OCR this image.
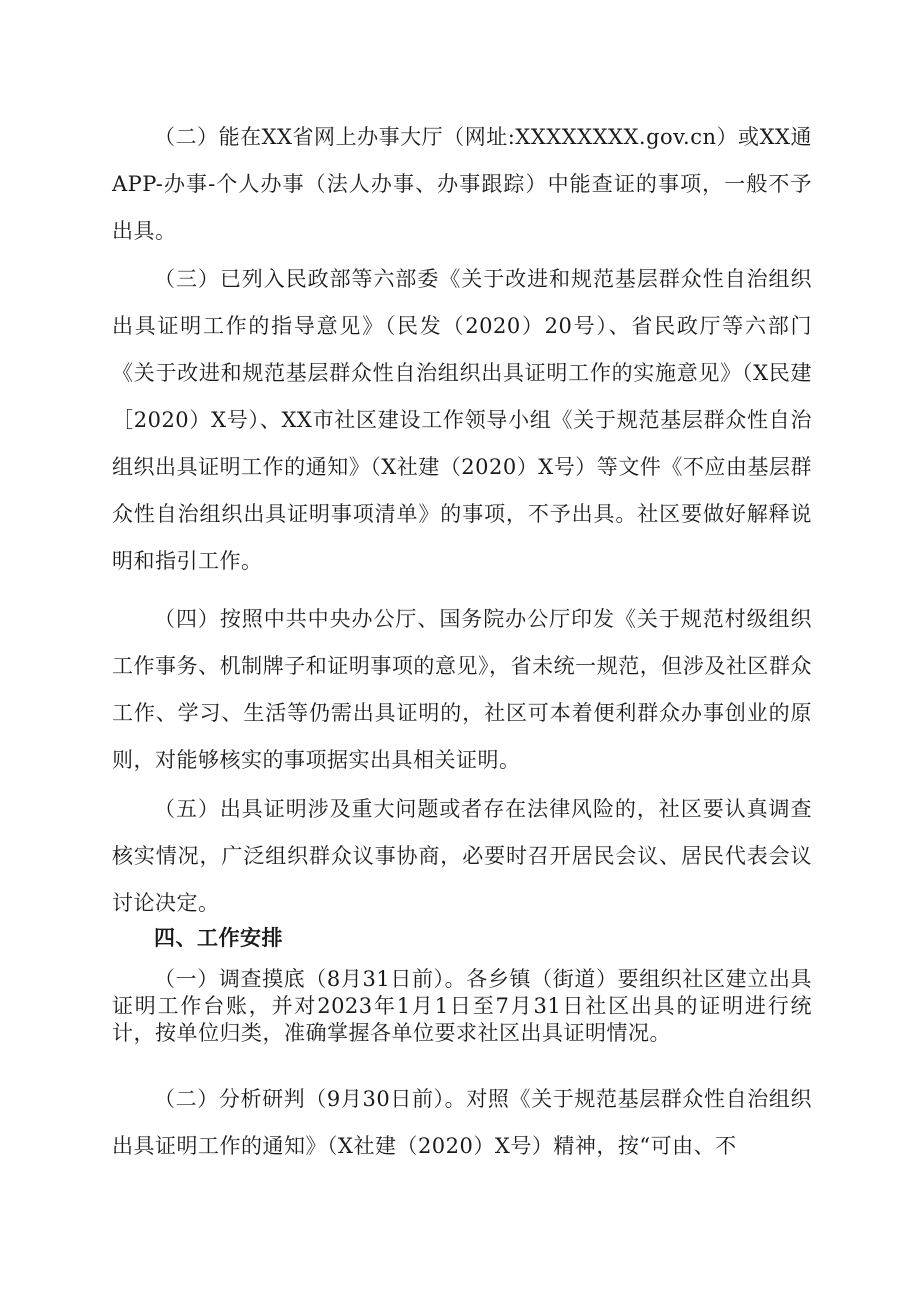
（二）能在XX省网上办事大厅（网址:XXXXXXXX.gov.cn）或XX通APP-办事-个人办事（法人办事、办事跟踪）中能查证的事项，一般不予出具。

（三）已列入民政部等六部委《关于改进和规范基层群众性自治组织出具证明工作的指导意见》（民发（2020）20号）、省民政厅等六部门《关于改进和规范基层群众性自治组织出具证明工作的实施意见》（X民建［2020）X号）、XX市社区建设工作领导小组《关于规范基层群众性自治组织出具证明工作的通知》（X社建（2020）X号）等文件《不应由基层群众性自治组织出具证明事项清单》的事项，不予出具。社区要做好解释说明和指引工作。

（四）按照中共中央办公厅、国务院办公厅印发《关于规范村级组织工作事务、机制牌子和证明事项的意见》，省未统一规范，但涉及社区群众工作、学习、生活等仍需出具证明的，社区可本着便利群众办事创业的原则，对能够核实的事项据实出具相关证明。

（五）出具证明涉及重大问题或者存在法律风险的，社区要认真调查核实情况，广泛组织群众议事协商，必要时召开居民会议、居民代表会议讨论决定。

四、工作安排

（一）调查摸底（8月31日前）。各乡镇（街道）要组织社区建立出具证明工作台账，并对2023年1月1日至7月31日社区出具的证明进行统计，按单位归类，准确掌握各单位要求社区出具证明情况。

（二）分析研判（9月30日前）。对照《关于规范基层群众性自治组织出具证明工作的通知》（X社建（2020）X号）精神，按“可由、不
